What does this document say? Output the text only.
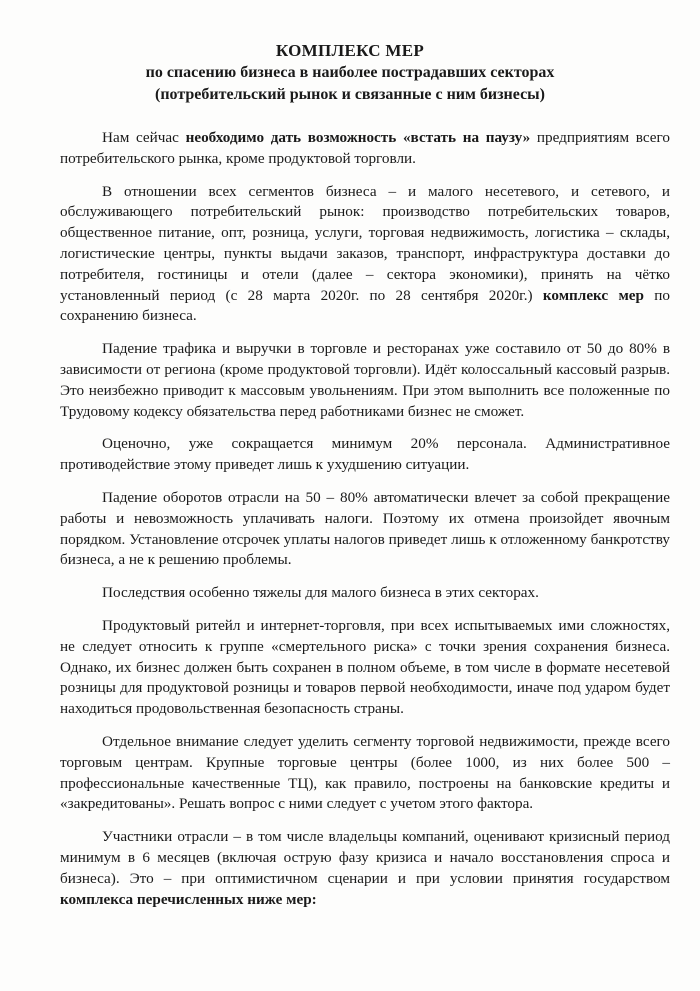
КОМПЛЕКС МЕР
по спасению бизнеса в наиболее пострадавших секторах
(потребительский рынок и связанные с ним бизнесы)

Нам сейчас необходимо дать возможность «встать на паузу» предприятиям всего потребительского рынка, кроме продуктовой торговли.

В отношении всех сегментов бизнеса – и малого несетевого, и сетевого, и обслуживающего потребительский рынок: производство потребительских товаров, общественное питание, опт, розница, услуги, торговая недвижимость, логистика – склады, логистические центры, пункты выдачи заказов, транспорт, инфраструктура доставки до потребителя, гостиницы и отели (далее – сектора экономики), принять на чётко установленный период (с 28 марта 2020г. по 28 сентября 2020г.) комплекс мер по сохранению бизнеса.

Падение трафика и выручки в торговле и ресторанах уже составило от 50 до 80% в зависимости от региона (кроме продуктовой торговли). Идёт колоссальный кассовый разрыв. Это неизбежно приводит к массовым увольнениям. При этом выполнить все положенные по Трудовому кодексу обязательства перед работниками бизнес не сможет.

Оценочно, уже сокращается минимум 20% персонала. Административное противодействие этому приведет лишь к ухудшению ситуации.

Падение оборотов отрасли на 50 – 80% автоматически влечет за собой прекращение работы и невозможность уплачивать налоги. Поэтому их отмена произойдет явочным порядком. Установление отсрочек уплаты налогов приведет лишь к отложенному банкротству бизнеса, а не к решению проблемы.

Последствия особенно тяжелы для малого бизнеса в этих секторах.

Продуктовый ритейл и интернет-торговля, при всех испытываемых ими сложностях, не следует относить к группе «смертельного риска» с точки зрения сохранения бизнеса. Однако, их бизнес должен быть сохранен в полном объеме, в том числе в формате несетевой розницы для продуктовой розницы и товаров первой необходимости, иначе под ударом будет находиться продовольственная безопасность страны.

Отдельное внимание следует уделить сегменту торговой недвижимости, прежде всего торговым центрам. Крупные торговые центры (более 1000, из них более 500 – профессиональные качественные ТЦ), как правило, построены на банковские кредиты и «закредитованы». Решать вопрос с ними следует с учетом этого фактора.

Участники отрасли – в том числе владельцы компаний, оценивают кризисный период минимум в 6 месяцев (включая острую фазу кризиса и начало восстановления спроса и бизнеса). Это – при оптимистичном сценарии и при условии принятия государством комплекса перечисленных ниже мер:
